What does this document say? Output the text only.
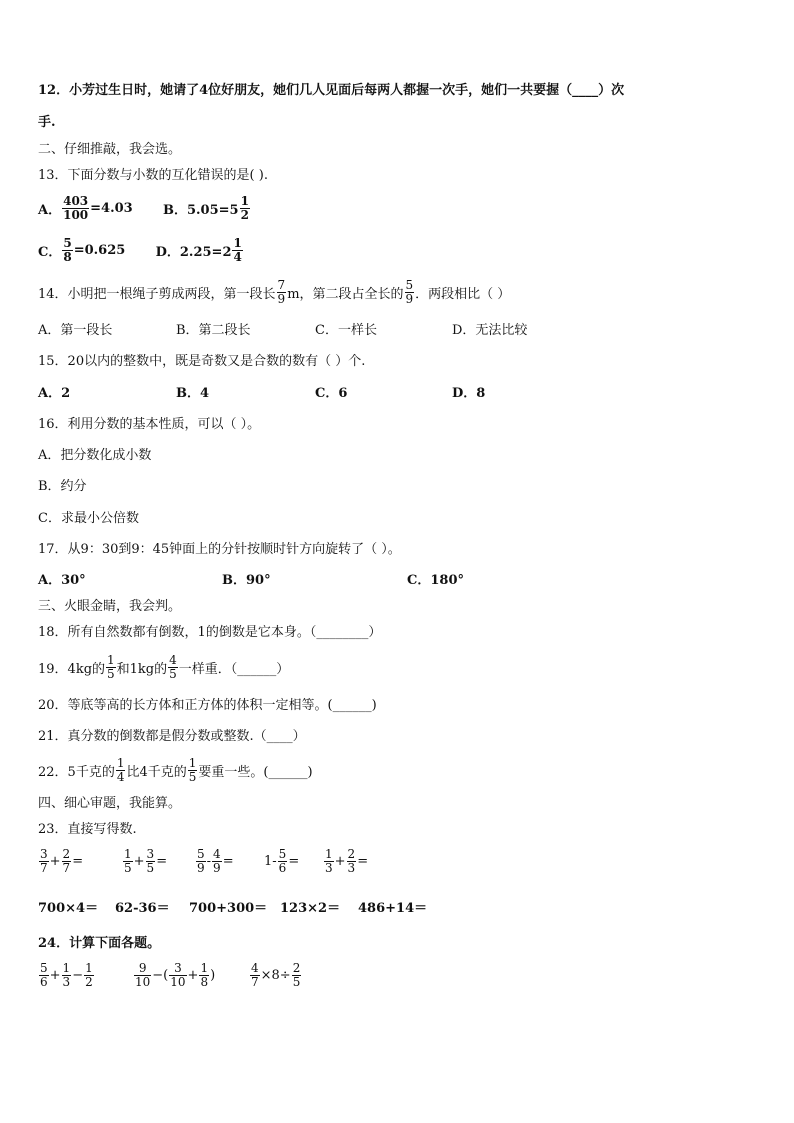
12．小芳过生日时，她请了4位好朋友，她们几人见面后每两人都握一次手，她们一共要握（____）次
手.
二、仔细推敲，我会选。
13．下面分数与小数的互化错误的是( ).
A． $\frac{403}{100} =4.03$ B．$5.05=5 \frac{1}{2}$
C． $\frac{5}{8} =0.625$ D．$2.25=2 \frac{1}{4}$
14．小明把一根绳子剪成两段，第一段长 $\frac{7}{9}$ m，第二段占全长的 $\frac{5}{9}$ ．两段相比（ ）
A．第一段长	B．第二段长	C．一样长	D．无法比较
15．20以内的整数中，既是奇数又是合数的数有（ ）个.
A．2	B．4	C．6	D．8
16．利用分数的基本性质，可以（ ）。
A．把分数化成小数
B．约分
C．求最小公倍数
17．从9：30到9：45钟面上的分针按顺时针方向旋转了（ ）。
A．30°	B．90°	C．180°
三、火眼金睛，我会判。
18．所有自然数都有倒数，1的倒数是它本身。（________）
19．4kg的 $\frac{1}{5}$ 和1kg的 $\frac{4}{5}$ 一样重．（______）
20．等底等高的长方体和正方体的体积一定相等。(______)
21．真分数的倒数都是假分数或整数.（____）
22．5千克的 $\frac{1}{4}$ 比4千克的 $\frac{1}{5}$ 要重一些。(______)
四、细心审题，我能算。
23．直接写得数.
$\frac{3}{7} + \frac{2}{7}$ =	$\frac{1}{5} + \frac{3}{5} = \frac{5}{9} - \frac{4}{9} = 1- \frac{5}{6} = \frac{1}{3} + \frac{2}{3}$ =
700×4＝ 62-36＝ 700+300＝ 123×2＝ 486+14＝
24．计算下面各题。
$\frac{5}{6} + \frac{1}{3} - \frac{1}{2}$	$\frac{9}{10}$ −( $\frac{3}{10} + \frac{1}{8}$ )	$\frac{4}{7} \times 8\div \frac{2}{5}$
